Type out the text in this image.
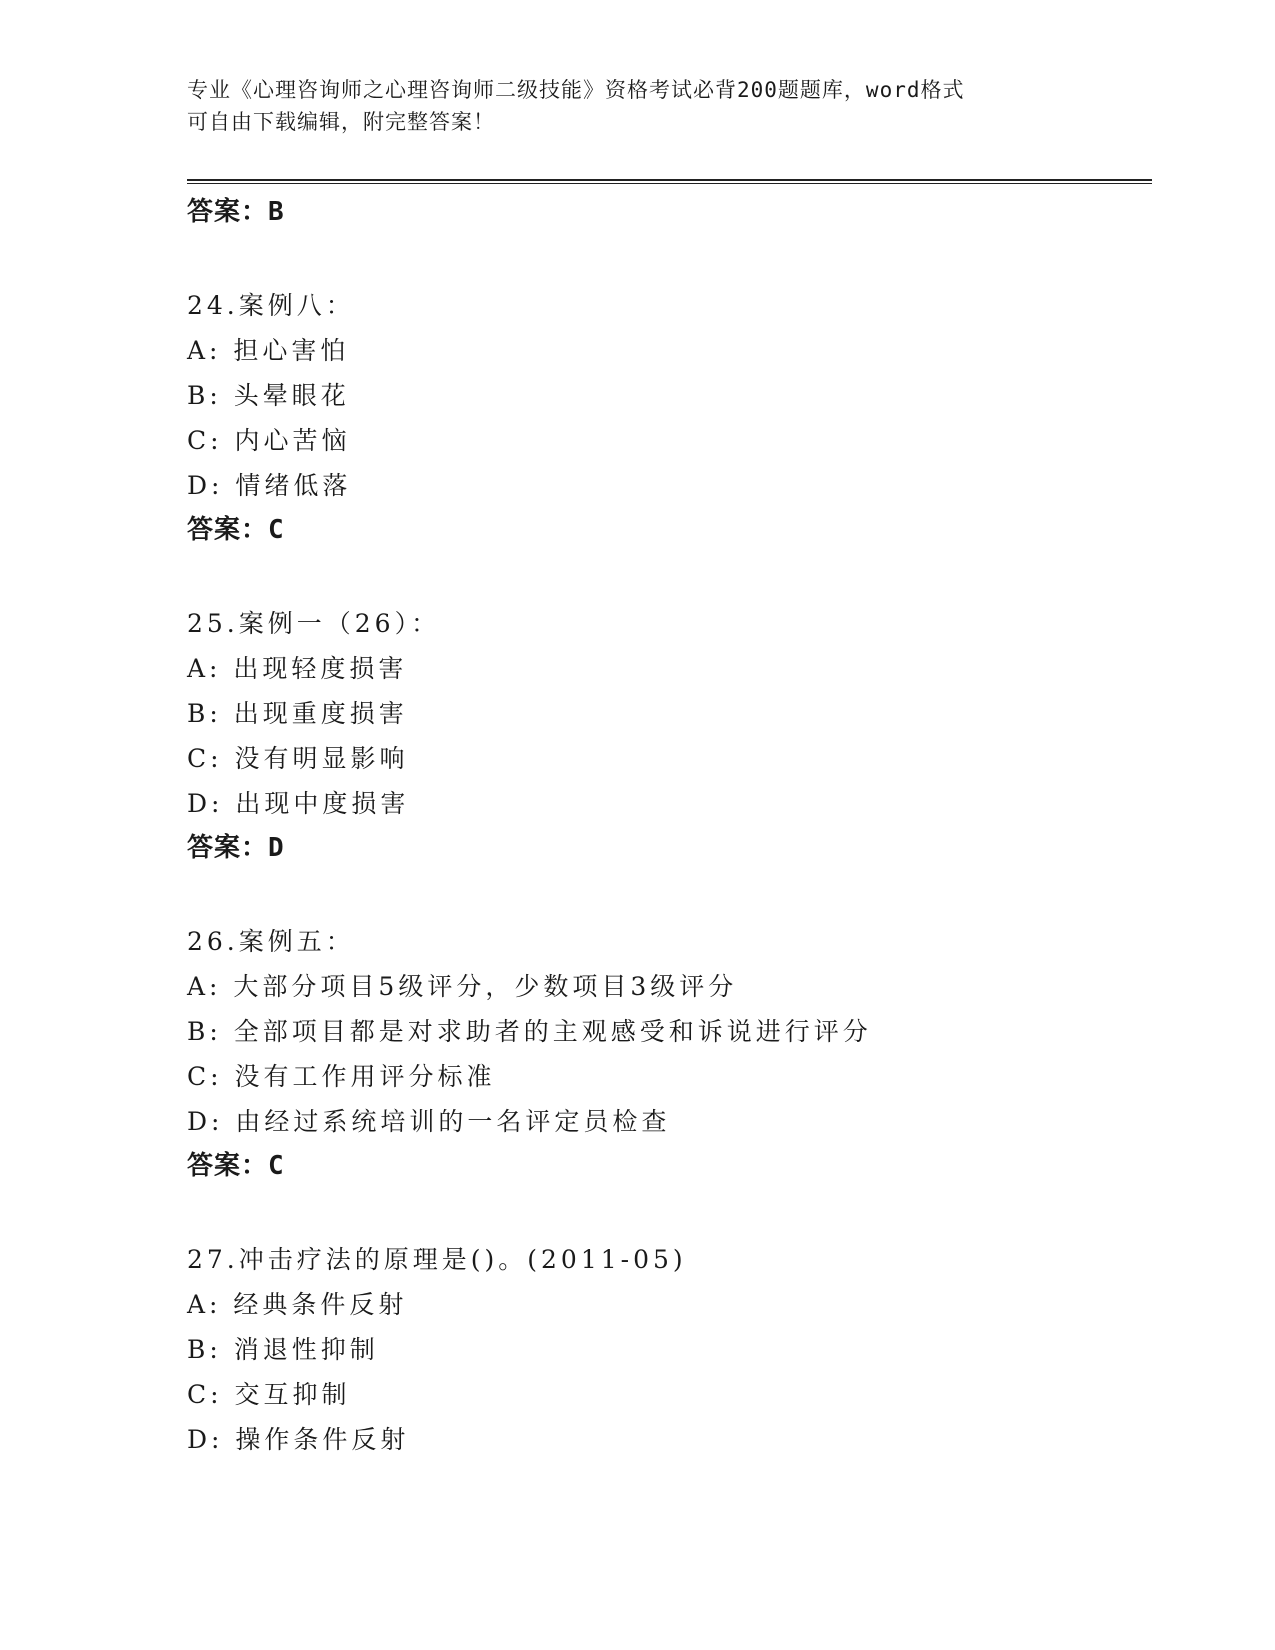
专业《心理咨询师之心理咨询师二级技能》资格考试必背200题题库，word格式
可自由下载编辑，附完整答案！
答案：B
24.案例八：
A: 担心害怕
B: 头晕眼花
C: 内心苦恼
D: 情绪低落
答案：C
25.案例一（26）：
A: 出现轻度损害
B: 出现重度损害
C: 没有明显影响
D: 出现中度损害
答案：D
26.案例五：
A: 大部分项目5级评分，少数项目3级评分
B: 全部项目都是对求助者的主观感受和诉说进行评分
C: 没有工作用评分标准
D: 由经过系统培训的一名评定员检查
答案：C
27.冲击疗法的原理是()。(2011-05)
A: 经典条件反射
B: 消退性抑制
C: 交互抑制
D: 操作条件反射
